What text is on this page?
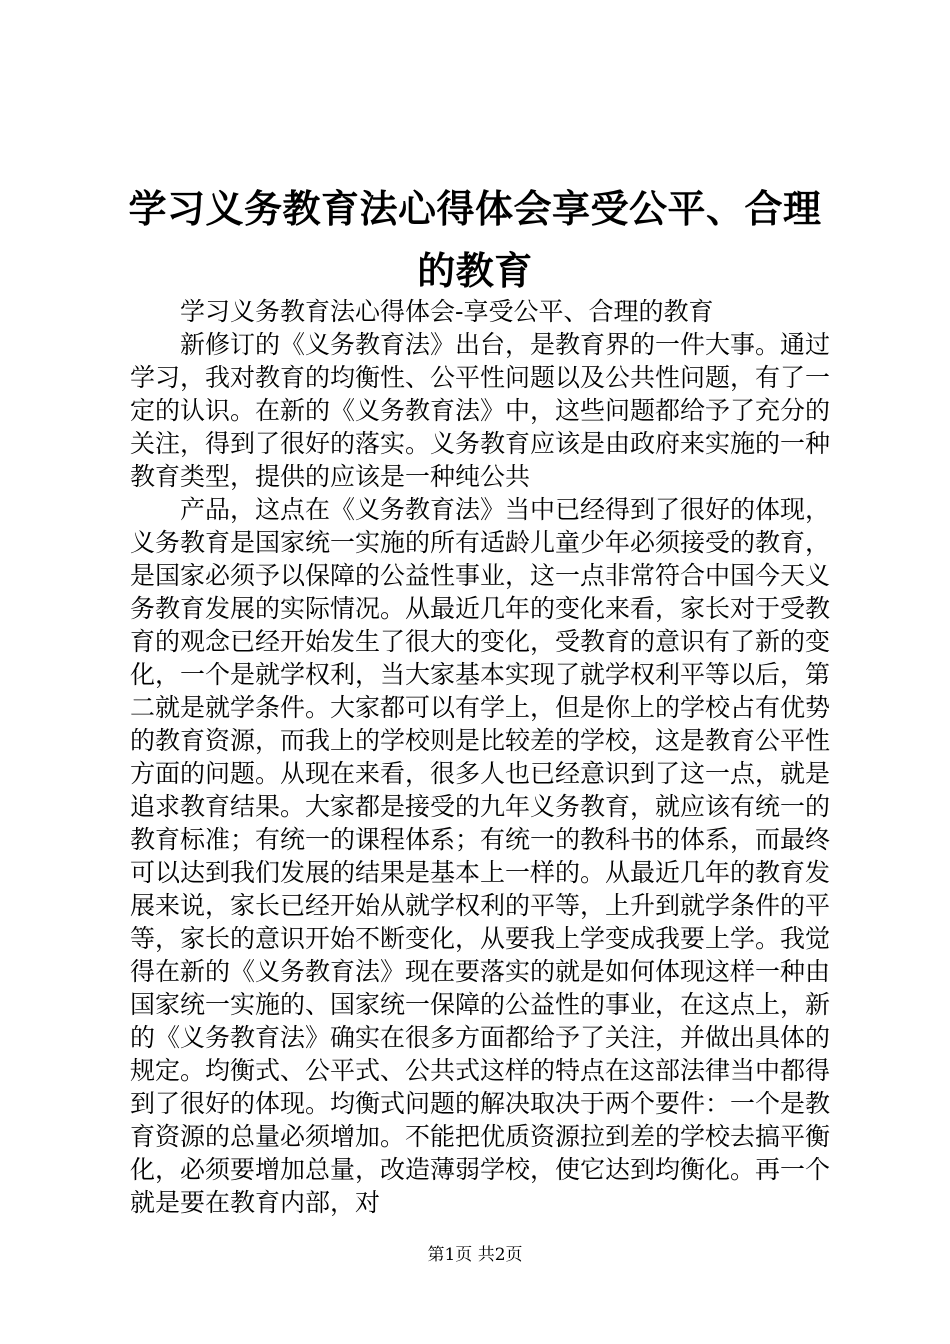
学习义务教育法心得体会享受公平、合理的教育

学习义务教育法心得体会-享受公平、合理的教育

新修订的《义务教育法》出台，是教育界的一件大事。通过学习，我对教育的均衡性、公平性问题以及公共性问题，有了一定的认识。在新的《义务教育法》中，这些问题都给予了充分的关注，得到了很好的落实。义务教育应该是由政府来实施的一种教育类型，提供的应该是一种纯公共

产品，这点在《义务教育法》当中已经得到了很好的体现，义务教育是国家统一实施的所有适龄儿童少年必须接受的教育，是国家必须予以保障的公益性事业，这一点非常符合中国今天义务教育发展的实际情况。从最近几年的变化来看，家长对于受教育的观念已经开始发生了很大的变化，受教育的意识有了新的变化，一个是就学权利，当大家基本实现了就学权利平等以后，第二就是就学条件。大家都可以有学上，但是你上的学校占有优势的教育资源，而我上的学校则是比较差的学校，这是教育公平性方面的问题。从现在来看，很多人也已经意识到了这一点，就是追求教育结果。大家都是接受的九年义务教育，就应该有统一的教育标准；有统一的课程体系；有统一的教科书的体系，而最终可以达到我们发展的结果是基本上一样的。从最近几年的教育发展来说，家长已经开始从就学权利的平等，上升到就学条件的平等，家长的意识开始不断变化，从要我上学变成我要上学。我觉得在新的《义务教育法》现在要落实的就是如何体现这样一种由国家统一实施的、国家统一保障的公益性的事业，在这点上，新的《义务教育法》确实在很多方面都给予了关注，并做出具体的规定。均衡式、公平式、公共式这样的特点在这部法律当中都得到了很好的体现。均衡式问题的解决取决于两个要件：一个是教育资源的总量必须增加。不能把优质资源拉到差的学校去搞平衡化，必须要增加总量，改造薄弱学校，使它达到均衡化。再一个就是要在教育内部，对

第1页 共2页
